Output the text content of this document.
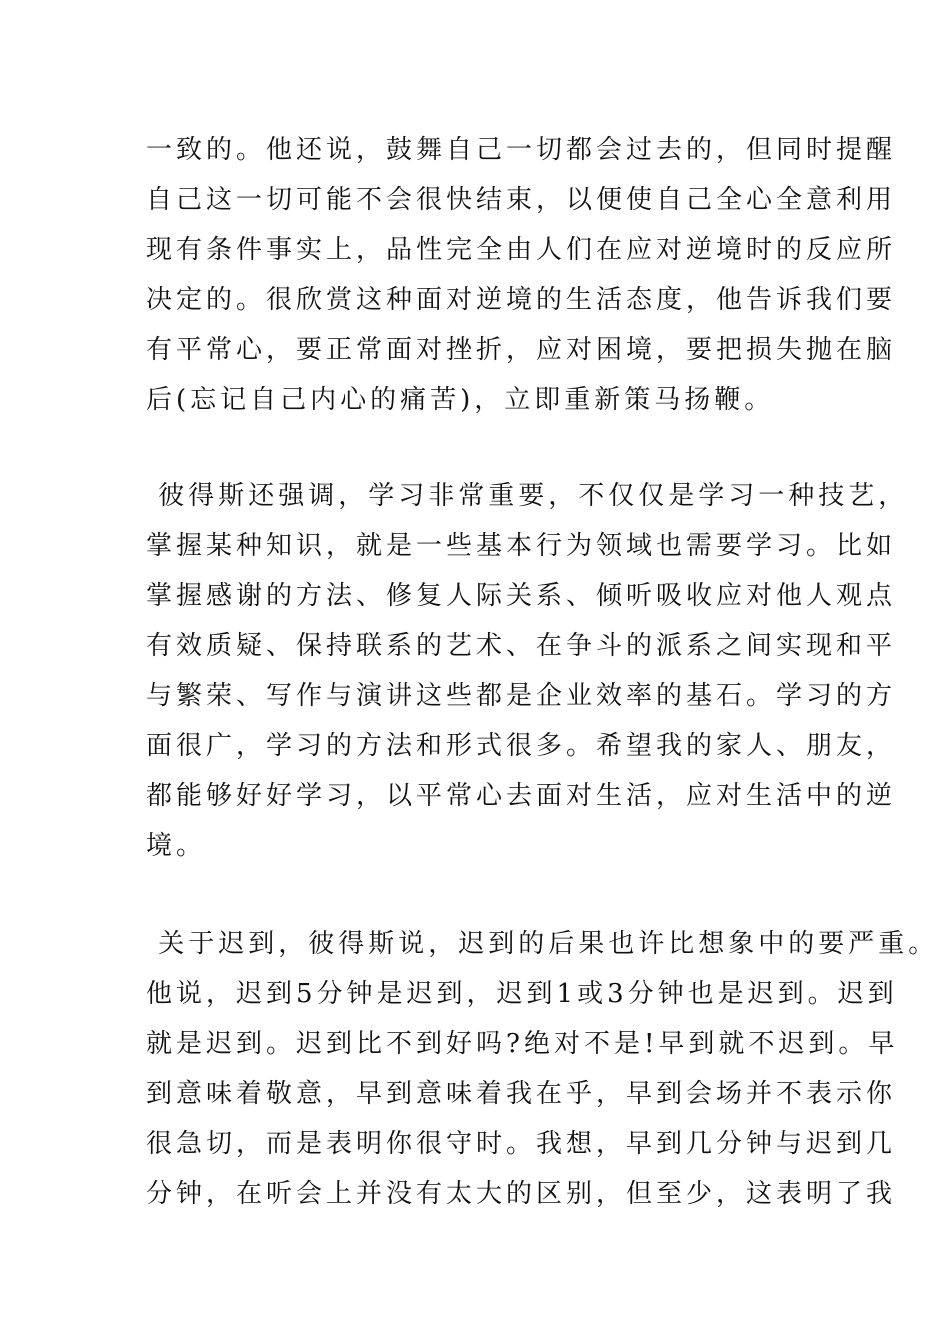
一致的。他还说，鼓舞自己一切都会过去的，但同时提醒
自己这一切可能不会很快结束，以便使自己全心全意利用
现有条件事实上，品性完全由人们在应对逆境时的反应所
决定的。很欣赏这种面对逆境的生活态度，他告诉我们要
有平常心，要正常面对挫折，应对困境，要把损失抛在脑
后(忘记自己内心的痛苦)，立即重新策马扬鞭。
彼得斯还强调，学习非常重要，不仅仅是学习一种技艺，
掌握某种知识，就是一些基本行为领域也需要学习。比如
掌握感谢的方法、修复人际关系、倾听吸收应对他人观点
有效质疑、保持联系的艺术、在争斗的派系之间实现和平
与繁荣、写作与演讲这些都是企业效率的基石。学习的方
面很广，学习的方法和形式很多。希望我的家人、朋友，
都能够好好学习，以平常心去面对生活，应对生活中的逆
境。
关于迟到，彼得斯说，迟到的后果也许比想象中的要严重。
他说，迟到5分钟是迟到，迟到1或3分钟也是迟到。迟到
就是迟到。迟到比不到好吗?绝对不是!早到就不迟到。早
到意味着敬意，早到意味着我在乎，早到会场并不表示你
很急切，而是表明你很守时。我想，早到几分钟与迟到几
分钟，在听会上并没有太大的区别，但至少，这表明了我
